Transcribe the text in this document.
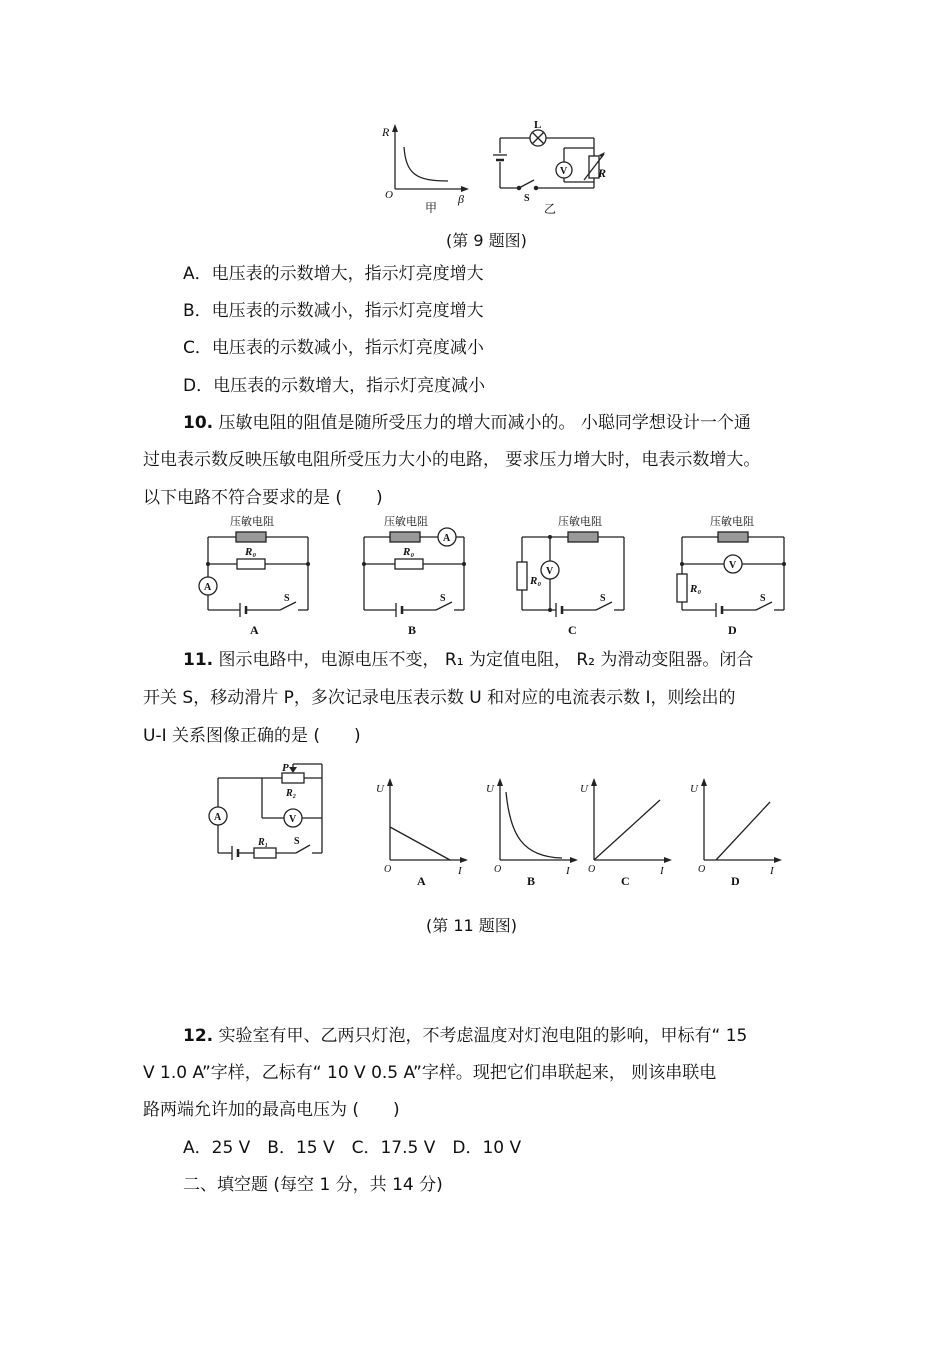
R
β
O
甲
L
V	R
S
乙
(第 9 题图)
A．电压表的示数增大，指示灯亮度增大
B．电压表的示数减小，指示灯亮度增大
C．电压表的示数减小，指示灯亮度减小
D．电压表的示数增大，指示灯亮度减小
10. 压敏电阻的阻值是随所受压力的增大而减小的。 小聪同学想设计一个通
过电表示数反映压敏电阻所受压力大小的电路， 要求压力增大时，电表示数增大。
以下电路不符合要求的是 (　　)
压敏电阻
R₀
A
S
A
压敏电阻
R₀
A
S
B
压敏电阻
R₀
V
S
C
压敏电阻
R₀
V
S
D
11. 图示电路中，电源电压不变， R₁ 为定值电阻， R₂ 为滑动变阻器。闭合
开关 S，移动滑片 P，多次记录电压表示数 U 和对应的电流表示数 I，则绘出的
U-I 关系图像正确的是 (　　)
A	V
P
R₂
R₁	S
U
I
O
A
U
I
O
B
U
I
O
C
U
I
O
D
(第 11 题图)
12. 实验室有甲、乙两只灯泡，不考虑温度对灯泡电阻的影响，甲标有“ 15
V 1.0 A”字样，乙标有“ 10 V 0.5 A”字样。现把它们串联起来， 则该串联电
路两端允许加的最高电压为 (　　)
A．25 V　B．15 V　C．17.5 V　D．10 V
二、填空题 (每空 1 分，共 14 分)
